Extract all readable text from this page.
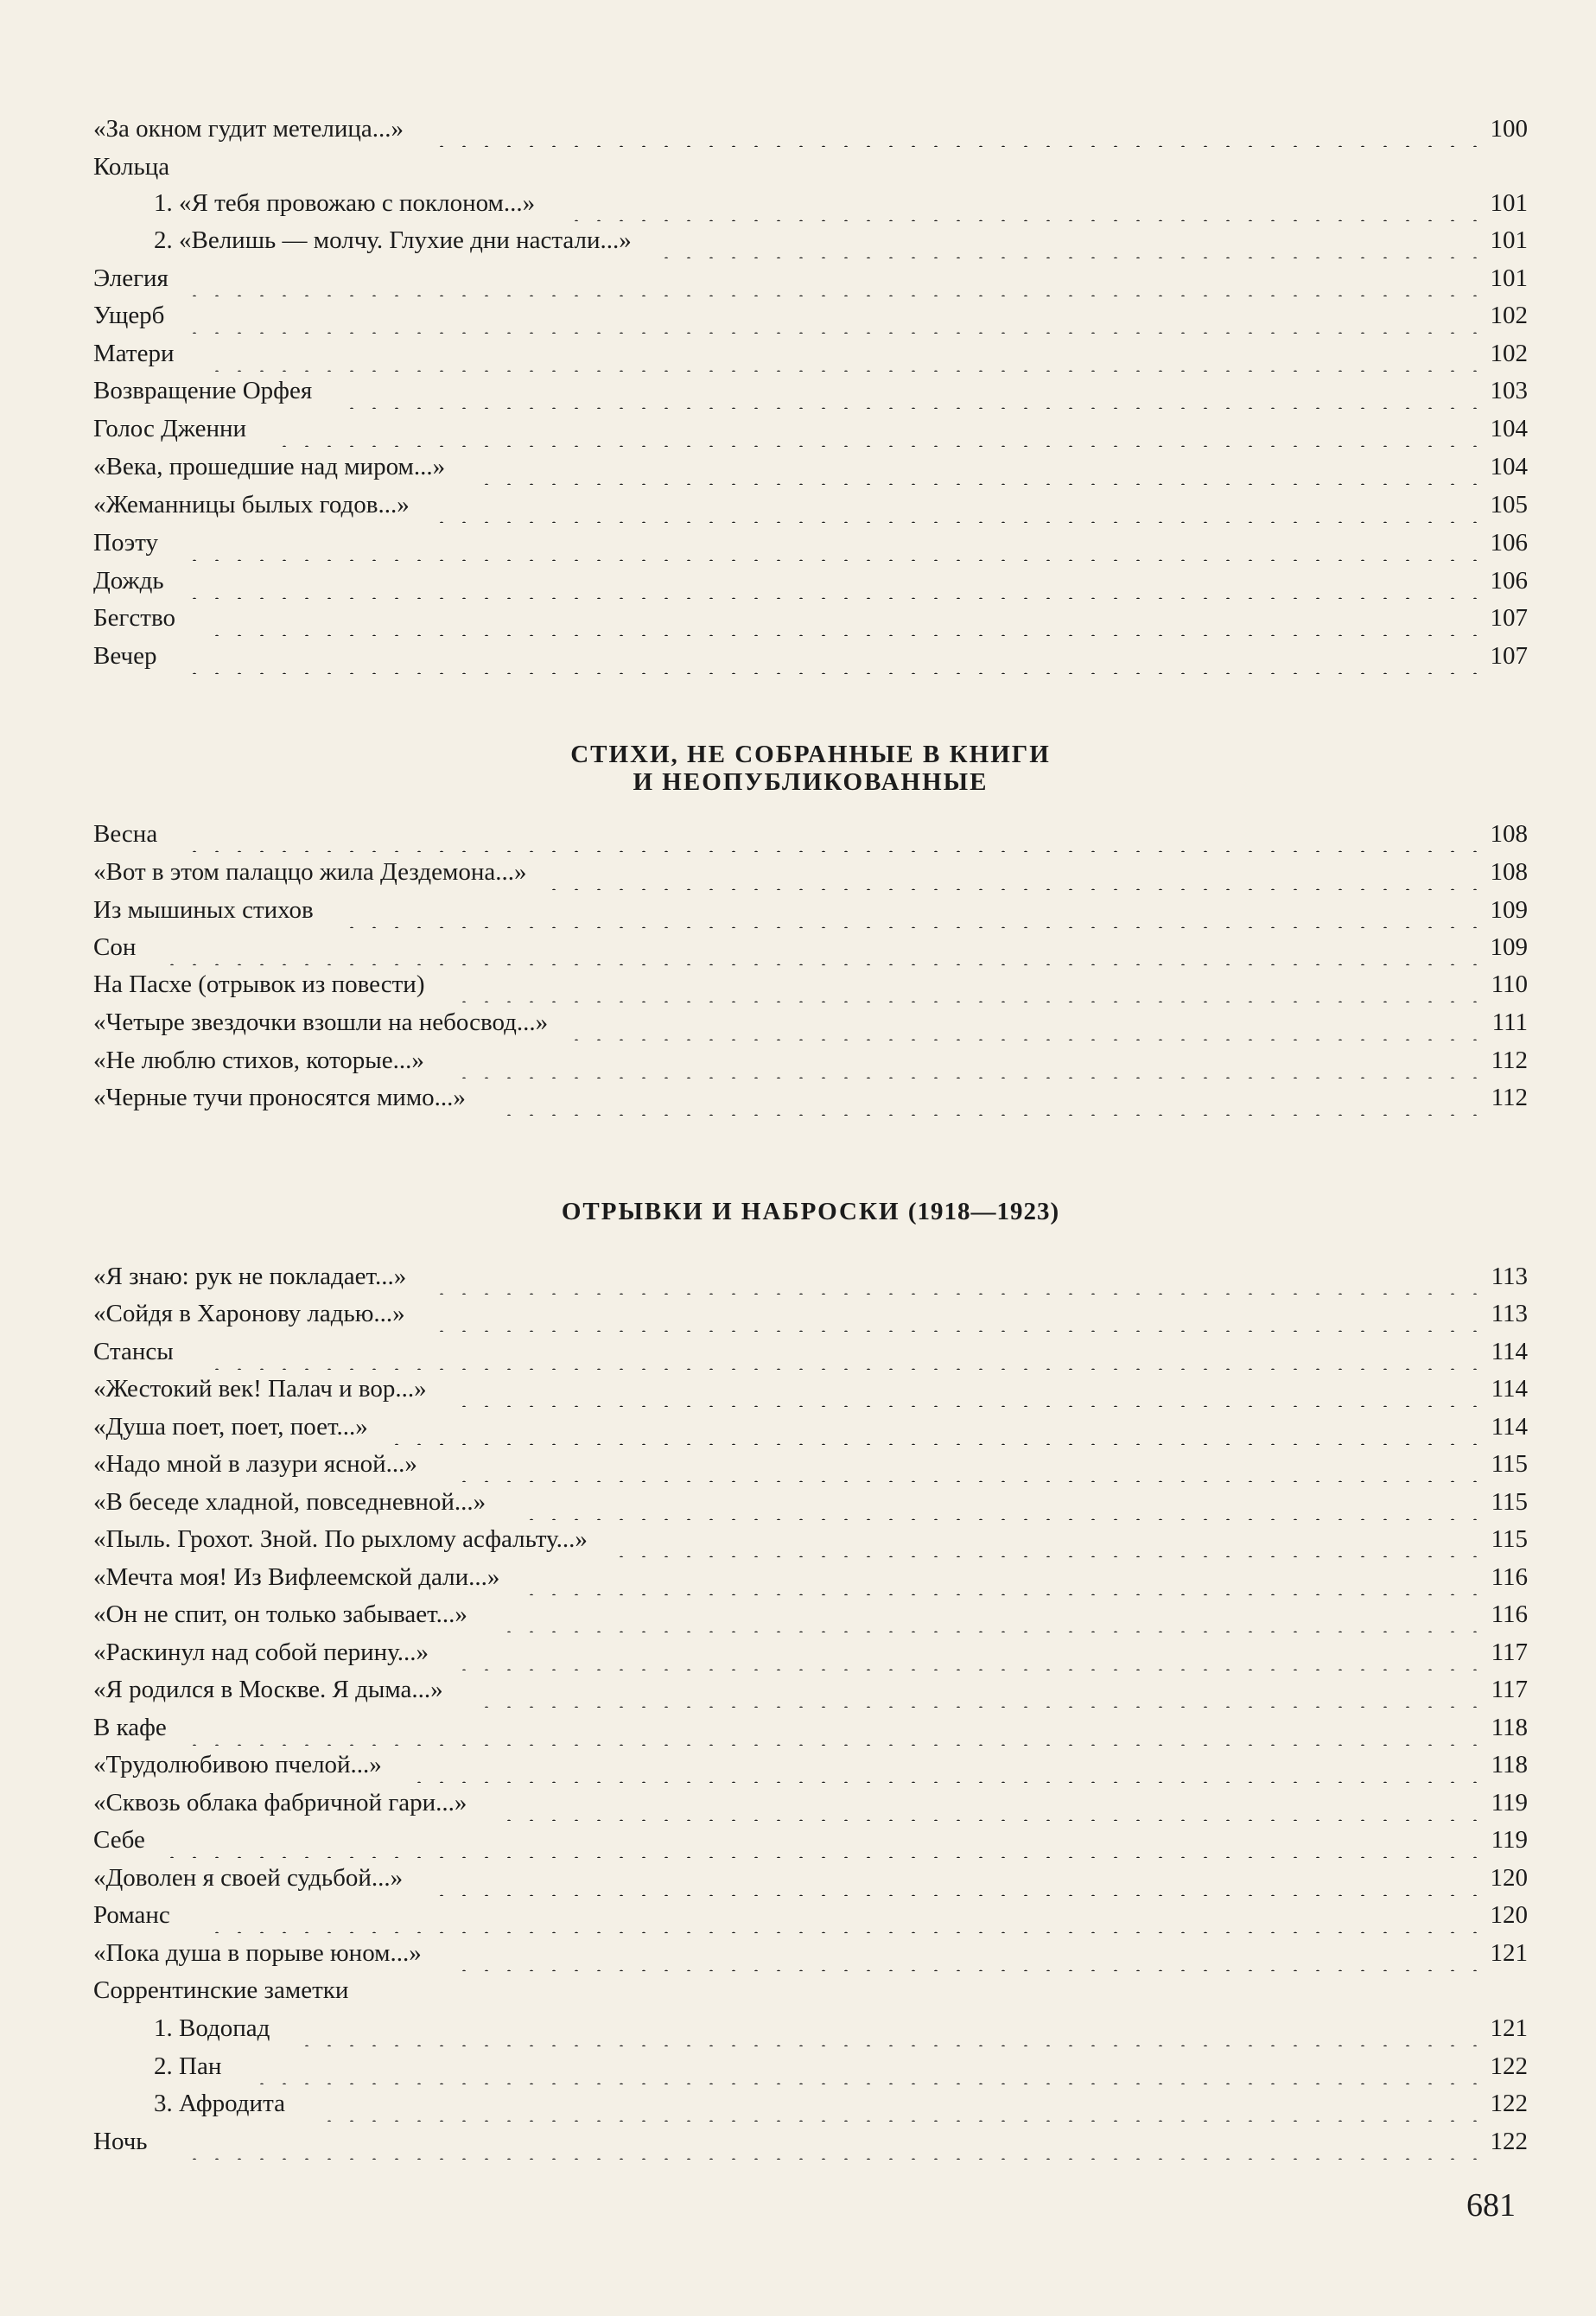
«За окном гудит метелица...»	100
Кольца
1. «Я тебя провожаю с поклоном...»	101
2. «Велишь — молчу. Глухие дни настали...»	101
Элегия	101
Ущерб	102
Матери	102
Возвращение Орфея	103
Голос Дженни	104
«Века, прошедшие над миром...»	104
«Жеманницы былых годов...»	105
Поэту	106
Дождь	106
Бегство	107
Вечер	107
СТИХИ, НЕ СОБРАННЫЕ В КНИГИ
И НЕОПУБЛИКОВАННЫЕ
Весна	108
«Вот в этом палаццо жила Дездемона...»	108
Из мышиных стихов	109
Сон	109
На Пасхе (отрывок из повести)	110
«Четыре звездочки взошли на небосвод...»	111
«Не люблю стихов, которые...»	112
«Черные тучи проносятся мимо...»	112
ОТРЫВКИ И НАБРОСКИ (1918—1923)
«Я знаю: рук не покладает...»	113
«Сойдя в Харонову ладью...»	113
Стансы	114
«Жестокий век! Палач и вор...»	114
«Душа поет, поет, поет...»	114
«Надо мной в лазури ясной...»	115
«В беседе хладной, повседневной...»	115
«Пыль. Грохот. Зной. По рыхлому асфальту...»	115
«Мечта моя! Из Вифлеемской дали...»	116
«Он не спит, он только забывает...»	116
«Раскинул над собой перину...»	117
«Я родился в Москве. Я дыма...»	117
В кафе	118
«Трудолюбивою пчелой...»	118
«Сквозь облака фабричной гари...»	119
Себе	119
«Доволен я своей судьбой...»	120
Романс	120
«Пока душа в порыве юном...»	121
Соррентинские заметки
1. Водопад	121
2. Пан	122
3. Афродита	122
Ночь	122
681
